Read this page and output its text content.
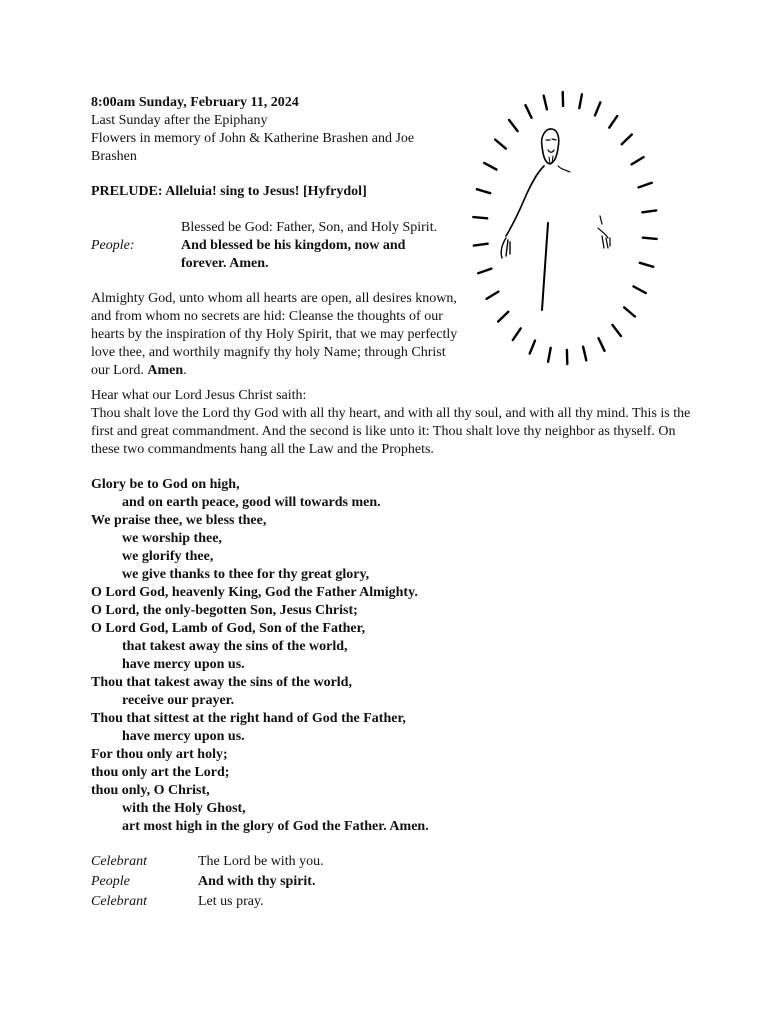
8:00am Sunday, February 11, 2024
Last Sunday after the Epiphany
Flowers in memory of John & Katherine Brashen and Joe Brashen
PRELUDE: Alleluia! sing to Jesus! [Hyfrydol]
Blessed be God: Father, Son, and Holy Spirit.
People:	And blessed be his kingdom, now and
forever. Amen.
Almighty God, unto whom all hearts are open, all desires known, and from whom no secrets are hid: Cleanse the thoughts of our hearts by the inspiration of thy Holy Spirit, that we may perfectly love thee, and worthily magnify thy holy Name; through Christ our Lord. Amen.
Hear what our Lord Jesus Christ saith:
Thou shalt love the Lord thy God with all thy heart, and with all thy soul, and with all thy mind. This is the first and great commandment. And the second is like unto it: Thou shalt love thy neighbor as thyself. On these two commandments hang all the Law and the Prophets.
Glory be to God on high,
and on earth peace, good will towards men.
We praise thee, we bless thee,
we worship thee,
we glorify thee,
we give thanks to thee for thy great glory,
O Lord God, heavenly King, God the Father Almighty.
O Lord, the only-begotten Son, Jesus Christ;
O Lord God, Lamb of God, Son of the Father,
that takest away the sins of the world,
have mercy upon us.
Thou that takest away the sins of the world,
receive our prayer.
Thou that sittest at the right hand of God the Father,
have mercy upon us.
For thou only art holy;
thou only art the Lord;
thou only, O Christ,
with the Holy Ghost,
art most high in the glory of God the Father. Amen.
Celebrant	The Lord be with you.
People	And with thy spirit.
Celebrant	Let us pray.
